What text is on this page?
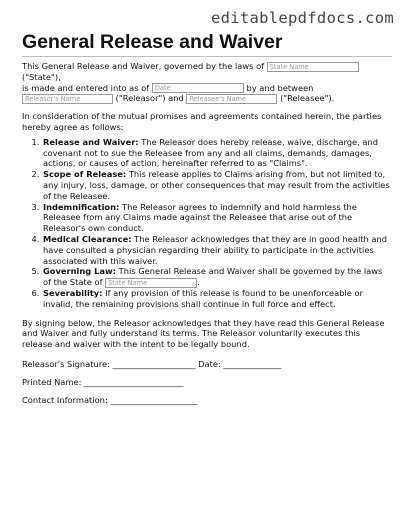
editablepdfdocs.com
General Release and Waiver

This General Release and Waiver, governed by the laws of State Name ("State"),
is made and entered into as of Date	by and between
Releasor's Name	("Releasor") and Releasee's Name	("Releasee").

In consideration of the mutual promises and agreements contained herein, the parties hereby agree as follows:

1. Release and Waiver: The Releasor does hereby release, waive, discharge, and covenant not to sue the Releasee from any and all claims, demands, damages, actions, or causes of action, hereinafter referred to as "Claims".
2. Scope of Release: This release applies to Claims arising from, but not limited to, any injury, loss, damage, or other consequences that may result from the activities of the Releasee.
3. Indemnification: The Releasor agrees to indemnify and hold harmless the Releasee from any Claims made against the Releasee that arise out of the Releasor's own conduct.
4. Medical Clearance: The Releasor acknowledges that they are in good health and have consulted a physician regarding their ability to participate in the activities associated with this waiver.
5. Governing Law: This General Release and Waiver shall be governed by the laws of the State of State Name	.
6. Severability: If any provision of this release is found to be unenforceable or invalid, the remaining provisions shall continue in full force and effect.

By signing below, the Releasor acknowledges that they have read this General Release and Waiver and fully understand its terms. The Releasor voluntarily executes this release and waiver with the intent to be legally bound.

Releasor's Signature: ____________________ Date: ______________

Printed Name: ________________________

Contact Information: _____________________
